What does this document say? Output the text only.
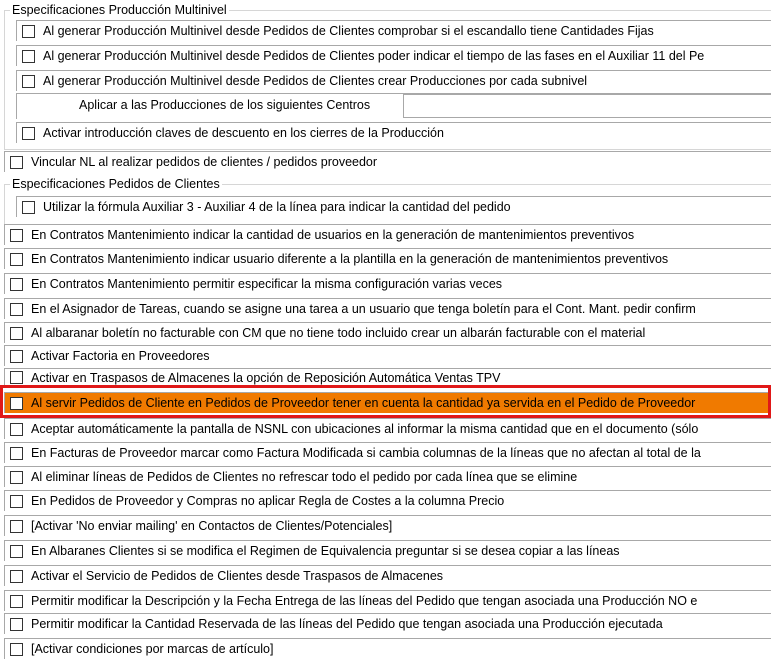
Especificaciones Producción Multinivel
Al generar Producción Multinivel desde Pedidos de Clientes comprobar si el escandallo tiene Cantidades Fijas
Al generar Producción Multinivel desde Pedidos de Clientes poder indicar el tiempo de las fases en el Auxiliar 11 del Pe
Al generar Producción Multinivel desde Pedidos de Clientes crear Producciones por cada subnivel
Aplicar a las Producciones de los siguientes Centros
Activar introducción claves de descuento en los cierres de la Producción
Vincular NL al realizar pedidos de clientes / pedidos proveedor
Especificaciones Pedidos de Clientes
Utilizar la fórmula Auxiliar 3 - Auxiliar 4 de la línea para indicar la cantidad del pedido
En Contratos Mantenimiento indicar la cantidad de usuarios en la generación de mantenimientos preventivos
En Contratos Mantenimiento indicar usuario diferente a la plantilla en la generación de mantenimientos preventivos
En Contratos Mantenimiento permitir especificar la misma configuración varias veces
En el Asignador de Tareas, cuando se asigne una tarea a un usuario que tenga boletín para el Cont. Mant. pedir confirm
Al albaranar boletín no facturable con CM que no tiene todo incluido crear un albarán facturable con el material
Activar Factoria en Proveedores
Activar en Traspasos de Almacenes la opción de Reposición Automática Ventas TPV
Al servir Pedidos de Cliente en Pedidos de Proveedor tener en cuenta la cantidad ya servida en el Pedido de Proveedor
Aceptar automáticamente la pantalla de NSNL con ubicaciones al informar la misma cantidad que en el documento (sólo
En Facturas de Proveedor marcar como Factura Modificada si cambia columnas de la líneas que no afectan al total de la
Al eliminar líneas de Pedidos de Clientes no refrescar todo el pedido por cada línea que se elimine
En Pedidos de Proveedor y Compras no aplicar Regla de Costes a la columna Precio
[Activar 'No enviar mailing' en Contactos de Clientes/Potenciales]
En Albaranes Clientes si se modifica el Regimen de Equivalencia preguntar si se desea copiar a las líneas
Activar el Servicio de Pedidos de Clientes desde Traspasos de Almacenes
Permitir modificar la Descripción y la Fecha Entrega de las líneas del Pedido que tengan asociada una Producción NO e
Permitir modificar la Cantidad Reservada de las líneas del Pedido que tengan asociada una Producción ejecutada
[Activar condiciones por marcas de artículo]
